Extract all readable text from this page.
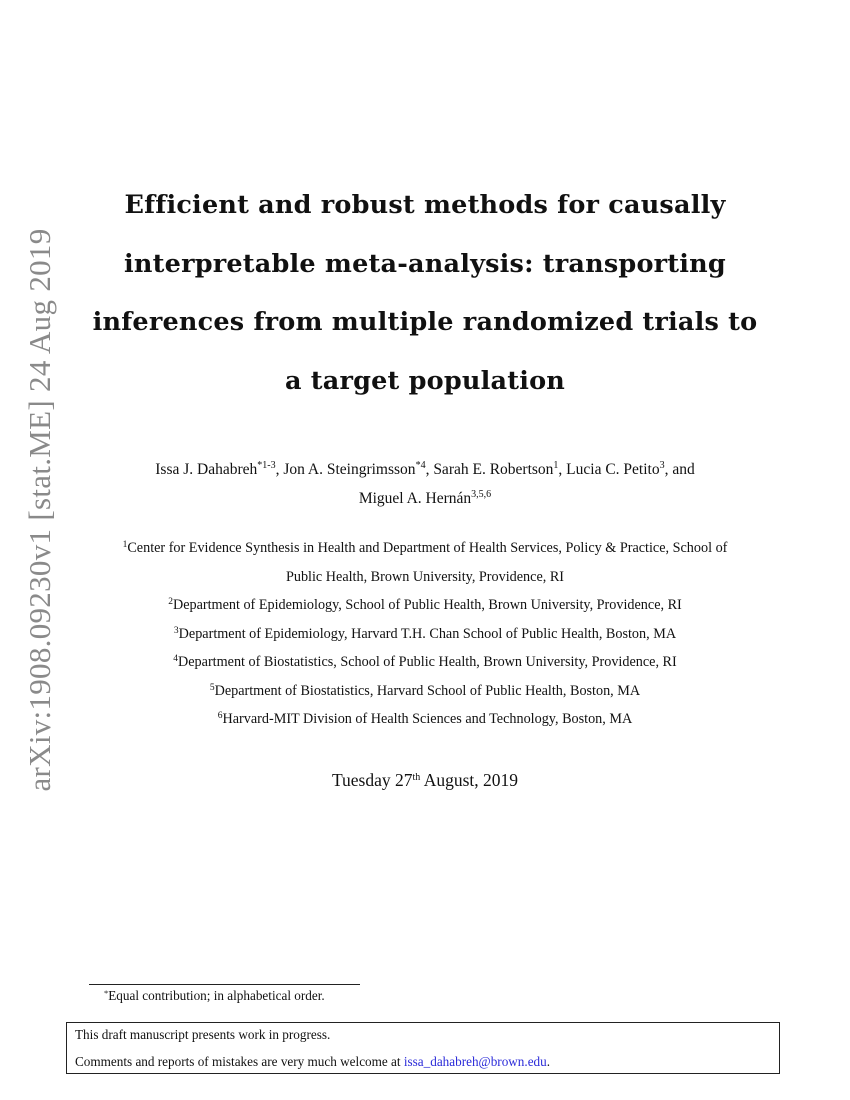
arXiv:1908.09230v1 [stat.ME] 24 Aug 2019
Efficient and robust methods for causally
interpretable meta-analysis: transporting
inferences from multiple randomized trials to
a target population
Issa J. Dahabreh$^{*1-3}$, Jon A. Steingrimsson$^{*4}$, Sarah E. Robertson$^1$, Lucia C. Petito$^3$, and
Miguel A. Hernán$^{3,5,6}$
$^1$Center for Evidence Synthesis in Health and Department of Health Services, Policy & Practice, School of
Public Health, Brown University, Providence, RI
$^2$Department of Epidemiology, School of Public Health, Brown University, Providence, RI
$^3$Department of Epidemiology, Harvard T.H. Chan School of Public Health, Boston, MA
$^4$Department of Biostatistics, School of Public Health, Brown University, Providence, RI
$^5$Department of Biostatistics, Harvard School of Public Health, Boston, MA
$^6$Harvard-MIT Division of Health Sciences and Technology, Boston, MA
Tuesday 27th August, 2019
*Equal contribution; in alphabetical order.
This draft manuscript presents work in progress.
Comments and reports of mistakes are very much welcome at issa_dahabreh@brown.edu.
